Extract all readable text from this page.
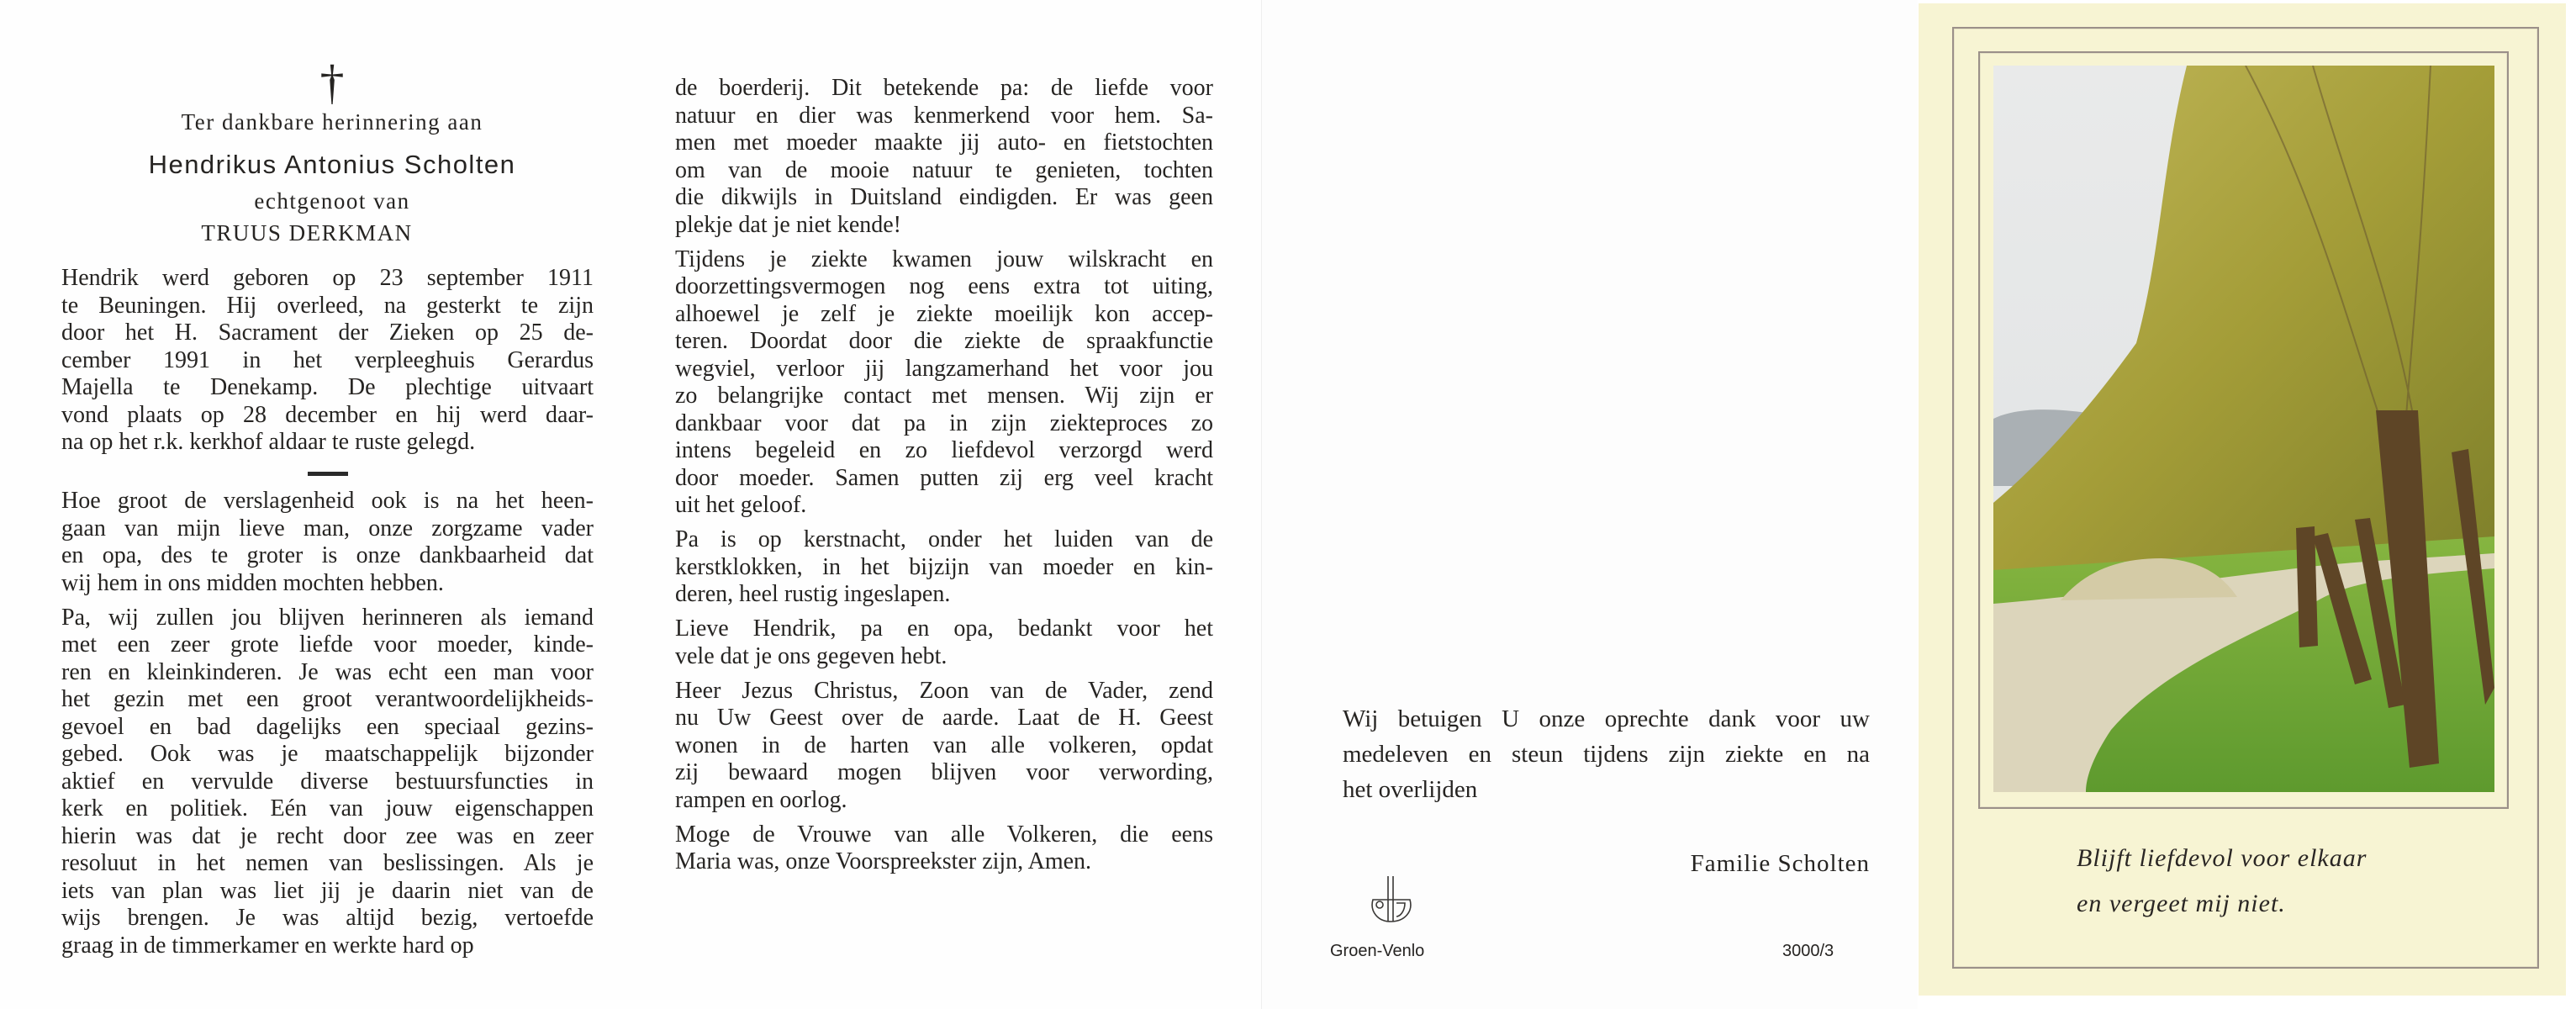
†
Ter dankbare herinnering aan
Hendrikus Antonius Scholten
echtgenoot van
TRUUS DERKMAN
Hendrik werd geboren op 23 september 1911
te Beuningen. Hij overleed, na gesterkt te zijn
door het H. Sacrament der Zieken op 25 de-
cember 1991 in het verpleeghuis Gerardus
Majella te Denekamp. De plechtige uitvaart
vond plaats op 28 december en hij werd daar-
na op het r.k. kerkhof aldaar te ruste gelegd.
Hoe groot de verslagenheid ook is na het heen-
gaan van mijn lieve man, onze zorgzame vader
en opa, des te groter is onze dankbaarheid dat
wij hem in ons midden mochten hebben.
Pa, wij zullen jou blijven herinneren als iemand
met een zeer grote liefde voor moeder, kinde-
ren en kleinkinderen. Je was echt een man voor
het gezin met een groot verantwoordelijkheids-
gevoel en bad dagelijks een speciaal gezins-
gebed. Ook was je maatschappelijk bijzonder
aktief en vervulde diverse bestuursfuncties in
kerk en politiek. Eén van jouw eigenschappen
hierin was dat je recht door zee was en zeer
resoluut in het nemen van beslissingen. Als je
iets van plan was liet jij je daarin niet van de
wijs brengen. Je was altijd bezig, vertoefde
graag in de timmerkamer en werkte hard op
de boerderij. Dit betekende pa: de liefde voor
natuur en dier was kenmerkend voor hem. Sa-
men met moeder maakte jij auto- en fietstochten
om van de mooie natuur te genieten, tochten
die dikwijls in Duitsland eindigden. Er was geen
plekje dat je niet kende!
Tijdens je ziekte kwamen jouw wilskracht en
doorzettingsvermogen nog eens extra tot uiting,
alhoewel je zelf je ziekte moeilijk kon accep-
teren. Doordat door die ziekte de spraakfunctie
wegviel, verloor jij langzamerhand het voor jou
zo belangrijke contact met mensen. Wij zijn er
dankbaar voor dat pa in zijn ziekteproces zo
intens begeleid en zo liefdevol verzorgd werd
door moeder. Samen putten zij erg veel kracht
uit het geloof.
Pa is op kerstnacht, onder het luiden van de
kerstklokken, in het bijzijn van moeder en kin-
deren, heel rustig ingeslapen.
Lieve Hendrik, pa en opa, bedankt voor het
vele dat je ons gegeven hebt.
Heer Jezus Christus, Zoon van de Vader, zend
nu Uw Geest over de aarde. Laat de H. Geest
wonen in de harten van alle volkeren, opdat
zij bewaard mogen blijven voor verwording,
rampen en oorlog.
Moge de Vrouwe van alle Volkeren, die eens
Maria was, onze Voorspreekster zijn, Amen.
Wij betuigen U onze oprechte dank voor uw
medeleven en steun tijdens zijn ziekte en na
het overlijden
Familie Scholten
Groen-Venlo	3000/3
Blijft liefdevol voor elkaar
en vergeet mij niet.
